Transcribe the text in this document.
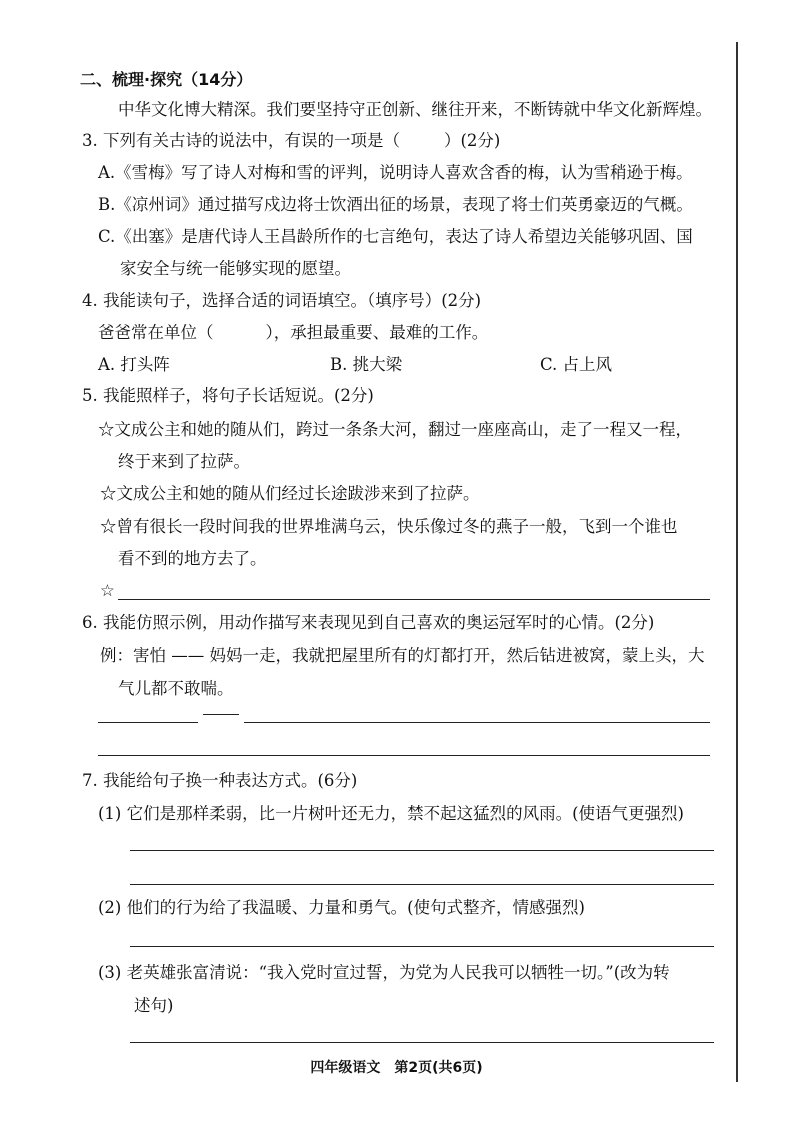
二、梳理·探究（14分）
中华文化博大精深。我们要坚持守正创新、继往开来，不断铸就中华文化新辉煌。
3. 下列有关古诗的说法中，有误的一项是（	）(2分)
A.《雪梅》写了诗人对梅和雪的评判，说明诗人喜欢含香的梅，认为雪稍逊于梅。
B.《凉州词》通过描写戍边将士饮酒出征的场景，表现了将士们英勇豪迈的气概。
C.《出塞》是唐代诗人王昌龄所作的七言绝句，表达了诗人希望边关能够巩固、国
家安全与统一能够实现的愿望。
4. 我能读句子，选择合适的词语填空。（填序号）(2分)
爸爸常在单位（	），承担最重要、最难的工作。
A. 打头阵	B. 挑大梁	C. 占上风
5. 我能照样子，将句子长话短说。(2分)
☆文成公主和她的随从们，跨过一条条大河，翻过一座座高山，走了一程又一程，
终于来到了拉萨。
☆文成公主和她的随从们经过长途跋涉来到了拉萨。
☆曾有很长一段时间我的世界堆满乌云，快乐像过冬的燕子一般，飞到一个谁也
看不到的地方去了。
☆
6. 我能仿照示例，用动作描写来表现见到自己喜欢的奥运冠军时的心情。(2分)
例：害怕 —— 妈妈一走，我就把屋里所有的灯都打开，然后钻进被窝，蒙上头，大
气儿都不敢喘。
7. 我能给句子换一种表达方式。(6分)
(1) 它们是那样柔弱，比一片树叶还无力，禁不起这猛烈的风雨。(使语气更强烈)
(2) 他们的行为给了我温暖、力量和勇气。(使句式整齐，情感强烈)
(3) 老英雄张富清说：“我入党时宣过誓，为党为人民我可以牺牲一切。”(改为转
述句)
四年级语文　第2页(共6页)
